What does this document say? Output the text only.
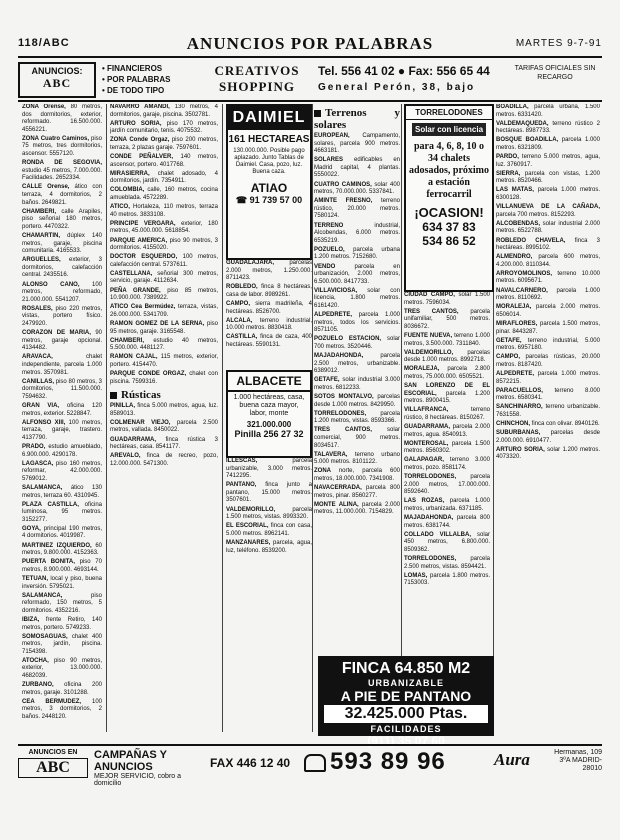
118/ABC	ANUNCIOS POR PALABRAS	MARTES 9-7-91
ANUNCIOS:
ABC
• FINANCIEROS
• POR PALABRAS
• DE TODO TIPO
CREATIVOS SHOPPING
Tel. 556 41 02 ● Fax: 556 65 44
General Perón, 38, bajo
TARIFAS OFICIALES SIN RECARGO

ZONA Orense, 80 metros, dos dormitorios, exterior, reformado. 16.500.000. 4556221.

ZONA Cuatro Caminos, piso 75 metros, tres dormitorios, ascensor. 5557120.

RONDA DE SEGOVIA, estudio 45 metros, 7.000.000. Facilidades. 2652334.

CALLE Orense, ático con terraza, 4 dormitorios, 2 baños. 2649821.

CHAMBERI, calle Arapiles, piso señorial 180 metros, portero. 4470322.

CHAMARTIN, dúplex 140 metros, garaje, piscina comunitaria. 4165533.

ARGUELLES, exterior, 3 dormitorios, calefacción central. 2435516.

ALONSO CANO, 100 metros, reformado, 21.000.000. 5541207.

ROSALES, piso 220 metros, vistas, portero físico. 2479920.

CORAZON DE MARIA, 90 metros, garaje opcional. 4134482.

ARAVACA, chalet independiente, parcela 1.000 metros. 3570981.

CANILLAS, piso 80 metros, 3 dormitorios, 11.500.000. 7594632.

GRAN VIA, oficina 120 metros, exterior. 5228847.

ALFONSO XIII, 100 metros, terraza, garaje, trastero. 4137790.

PRADO, estudio amueblado, 6.900.000. 4290178.

LAGASCA, piso 160 metros, reformar, 42.000.000. 5769012.

SALAMANCA, ático 130 metros, terraza 60. 4310945.

PLAZA CASTILLA, oficina luminosa, 95 metros. 3152277.

GOYA, principal 190 metros, 4 dormitorios. 4019987.

MARTINEZ IZQUIERDO, 60 metros, 9.800.000. 4152363.

PUERTA BONITA, piso 70 metros, 8.900.000. 4693144.

TETUAN, local y piso, buena inversión. 5795021.

SALAMANCA, piso reformado, 150 metros, 5 dormitorios. 4352216.

IBIZA, frente Retiro, 140 metros, portero. 5749233.

SOMOSAGUAS, chalet 400 metros, jardín, piscina. 7154398.

ATOCHA, piso 90 metros, exterior, 13.000.000. 4682039.

ZURBANO, oficina 200 metros, garaje. 3101288.

CEA BERMUDEZ, 100 metros, 3 dormitorios, 2 baños. 2448120.

NAVARRO AMANDI, 130 metros, 4 dormitorios, garaje, piscina. 3502781.

ARTURO SORIA, piso 170 metros, jardín comunitario, tenis. 4075532.

ZONA Conde Orgaz, piso 200 metros, terraza, 2 plazas garaje. 7597601.

CONDE PEÑALVER, 140 metros, ascensor, portero. 4017768.

MIRASIERRA, chalet adosado, 4 dormitorios, jardín. 7354911.

COLOMBIA, calle, 160 metros, cocina amueblada. 4572289.

ATICO, Hortaleza, 110 metros, terraza 40 metros. 3833108.

PRINCIPE VERGARA, exterior, 180 metros, 45.000.000. 5618854.

PARQUE AMERICA, piso 90 metros, 3 dormitorios. 4155020.

DOCTOR ESQUERDO, 100 metros, calefacción central. 5737611.

CASTELLANA, señorial 300 metros, servicio, garaje. 4112634.

PEÑA GRANDE, piso 85 metros, 10.900.000. 7389922.

ATICO Cea Bermúdez, terraza, vistas, 26.000.000. 5341709.

RAMON GOMEZ DE LA SERNA, piso 95 metros, garaje. 3165548.

CHAMBERI, estudio 40 metros, 5.500.000. 4481127.

RAMON CAJAL, 115 metros, exterior, portero. 4154470.

PARQUE CONDE ORGAZ, chalet con piscina. 7599316.

Rústicas

PINILLA, finca 5.000 metros, agua, luz. 8589013.

COLMENAR VIEJO, parcela 2.500 metros, vallada. 8450022.

GUADARRAMA, finca rústica 3 hectáreas, casa. 8541177.

AREVALO, finca de recreo, pozo, 12.000.000. 5471300.

GUADALAJARA, parcelas 2.000 metros, 1.250.000. 8711423.

ROBLEDO, finca 8 hectáreas, casa de labor. 8989261.

CAMPO, sierra madrileña, 4 hectáreas. 8526700.

ALCALA, terreno industrial, 10.000 metros. 8830418.

CASTILLA, finca de caza, 400 hectáreas. 5590131.

ILLESCAS, parcela urbanizable, 3.000 metros. 7412295.

PANTANO, finca junto a pantano, 15.000 metros. 3507601.

VALDEMORILLO, parcela 1.500 metros, vistas. 8993320.

EL ESCORIAL, finca con casa, 5.000 metros. 8962141.

MANZANARES, parcela, agua, luz, teléfono. 8539200.

Terrenos y solares

EUROPEAN, Campamento, solares, parcela 900 metros. 4663181.

SOLARES edificables en Madrid capital, 4 plantas. 5550022.

CUATRO CAMINOS, solar 400 metros, 70.000.000. 5337841.

AMINTE FRESNO, terreno rústico, 20.000 metros. 7580124.

TERRENO industrial, Alcobendas, 6.000 metros. 6535219.

POZUELO, parcela urbana 1.200 metros. 7152680.

VENDO parcela en urbanización, 2.000 metros, 6.500.000. 8417733.

VILLAVICIOSA, solar con licencia, 1.800 metros. 6161420.

ALPEDRETE, parcela 1.000 metros, todos los servicios. 8571105.

POZUELO ESTACION, solar 700 metros. 3520446.

MAJADAHONDA, parcela 2.500 metros, urbanizable. 6389012.

GETAFE, solar industrial 3.000 metros. 6812233.

SOTOS MONTALVO, parcelas desde 1.000 metros. 8429950.

TORRELODONES, parcela 1.200 metros, vistas. 8593366.

TRES CANTOS, solar comercial, 900 metros. 8034517.

TALAVERA, terreno urbano 5.000 metros. 8101122.

ZONA norte, parcela 600 metros, 18.000.000. 7341908.

NAVACERRADA, parcela 800 metros, pinar. 8560277.

MONTE ALINA, parcela 2.000 metros, 11.000.000. 7154829.

CIUDAD CAMPO, solar 1.500 metros. 7596034.

TRES CANTOS, parcela unifamiliar, 500 metros. 8036672.

FUENTE NUEVA, terreno 1.000 metros, 3.500.000. 7311840.

VALDEMORILLO, parcelas desde 1.000 metros. 8992718.

MORALEJA, parcela 2.800 metros, 75.000.000. 6505521.

SAN LORENZO DE EL ESCORIAL, parcela 1.200 metros. 8900415.

VILLAFRANCA, terreno rústico, 8 hectáreas. 8150267.

GUADARRAMA, parcela 2.000 metros, agua. 8540913.

MONTEROSAL, parcela 1.500 metros. 8560302.

GALAPAGAR, terreno 3.000 metros, pozo. 8581174.

TORRELODONES, parcela 2.000 metros, 17.000.000. 8592640.

LAS ROZAS, parcela 1.000 metros, urbanizada. 6371185.

MAJADAHONDA, parcela 800 metros. 6381744.

COLLADO VILLALBA, solar 450 metros, 6.800.000. 8509362.

TORRELODONES, parcela 2.500 metros, vistas. 8594421.

LOMAS, parcela 1.800 metros. 7153003.

BOADILLA, parcela urbana, 1.500 metros. 6331420.

VALDEMAQUEDA, terreno rústico 2 hectáreas. 8987733.

BOSQUE BOADILLA, parcela 1.000 metros. 6321809.

PARDO, terreno 5.000 metros, agua, luz. 3760917.

SIERRA, parcela con vistas, 1.200 metros. 8520466.

LAS MATAS, parcela 1.000 metros. 6300128.

VILLANUEVA DE LA CAÑADA, parcela 700 metros. 8152293.

ALCOBENDAS, solar industrial 2.000 metros. 6522788.

ROBLEDO CHAVELA, finca 3 hectáreas. 8995102.

ALMENDRO, parcela 600 metros, 4.200.000. 8110344.

ARROYOMOLINOS, terreno 10.000 metros. 6095671.

NAVALCARNERO, parcela 1.000 metros. 8110692.

MORALEJA, parcela 2.000 metros. 6506014.

MIRAFLORES, parcela 1.500 metros, pinar. 8443287.

GETAFE, terreno industrial, 5.000 metros. 6957180.

CAMPO, parcelas rústicas, 20.000 metros. 8187420.

ALPEDRETE, parcela 1.000 metros. 8572215.

PARACUELLOS, terreno 8.000 metros. 6580341.

SANCHINARRO, terreno urbanizable. 7631558.

CHINCHON, finca con olivar. 8940126.

SUBURBANAS, parcelas desde 2.000.000. 6910477.

ARTURO SORIA, solar 1.200 metros. 4073320.

DAIMIEL
161 HECTAREAS
130.000.000. Posible pago aplazado. Junto Tablas de Daimiel. Casa, pozo, luz. Buena caza.
ATIAO
☎ 91 739 57 00
ALBACETE
1.000 hectáreas, casa, buena caza mayor, labor, monte
321.000.000
Pinilla 256 27 32
TORRELODONES
Solar con licencia
para 4, 6, 8, 10 o 34 chalets adosados, próximo a estación ferrocarril
¡OCASION!
634 37 83
534 86 52
FINCA 64.850 M2
URBANIZABLE
A PIE DE PANTANO
32.425.000 Ptas.
FACILIDADES
(911) 35 07 60
ANUNCIOS EN
ABC
CAMPAÑAS Y ANUNCIOS
MEJOR SERVICIO, cobro a domicilio
FAX 446 12 40	593 89 96	Aura	Hermanas, 109 3ºA MADRID-28010
